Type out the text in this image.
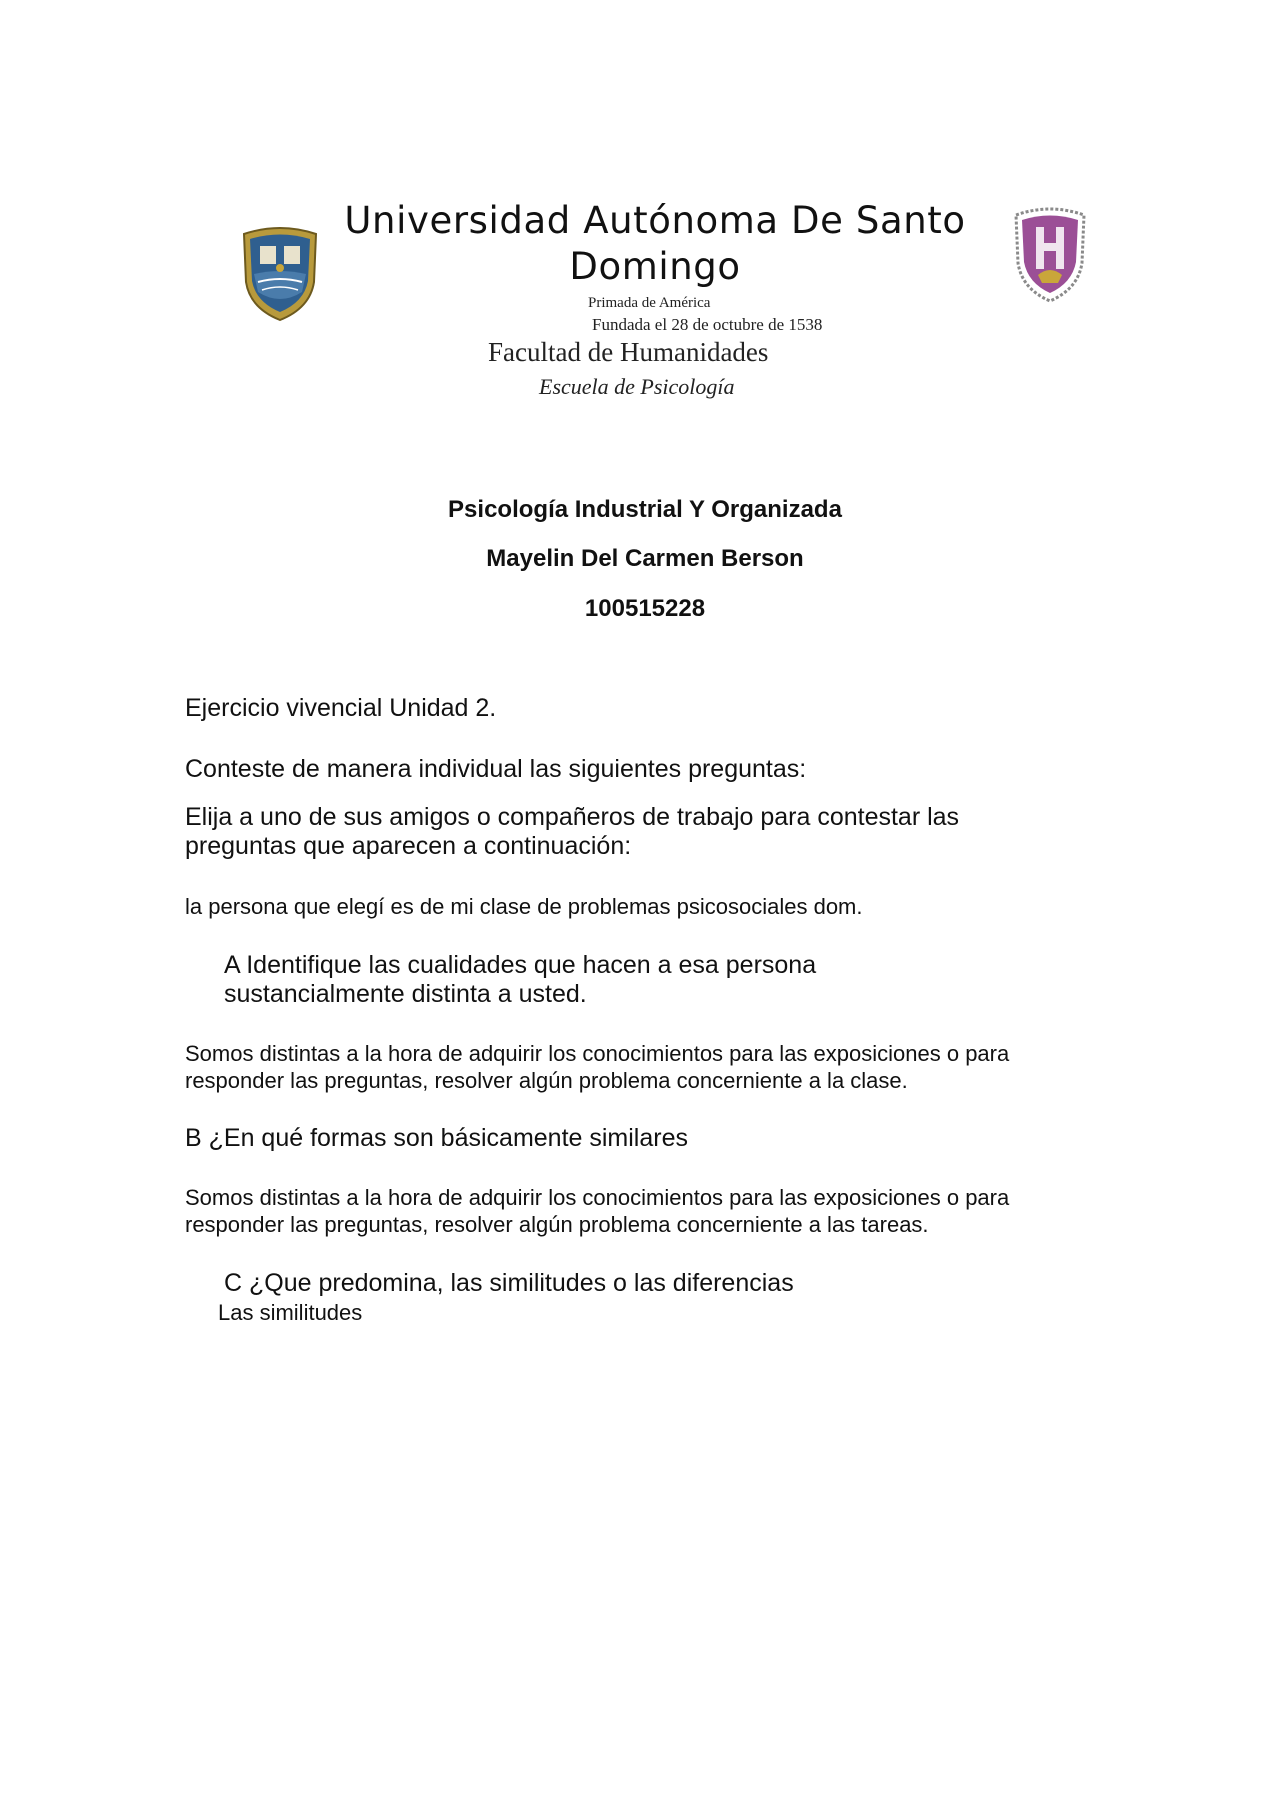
Universidad Autónoma De Santo Domingo
Primada de América
Fundada el 28 de octubre de 1538
Facultad de Humanidades
Escuela de Psicología
Psicología Industrial Y Organizada
Mayelin Del Carmen Berson
100515228
Ejercicio vivencial Unidad 2.
Conteste de manera individual las siguientes preguntas:
Elija a uno de sus amigos o compañeros de trabajo para contestar las preguntas que aparecen a continuación:
la persona que elegí es de mi clase de problemas psicosociales dom.
A Identifique las cualidades que hacen a esa persona sustancialmente distinta a usted.
Somos distintas a la hora de adquirir los conocimientos para las exposiciones o para responder las preguntas, resolver algún problema concerniente a la clase.
B ¿En qué formas son básicamente similares
Somos distintas a la hora de adquirir los conocimientos para las exposiciones o para responder las preguntas, resolver algún problema concerniente a las tareas.
C ¿Que predomina, las similitudes o las diferencias
Las similitudes
